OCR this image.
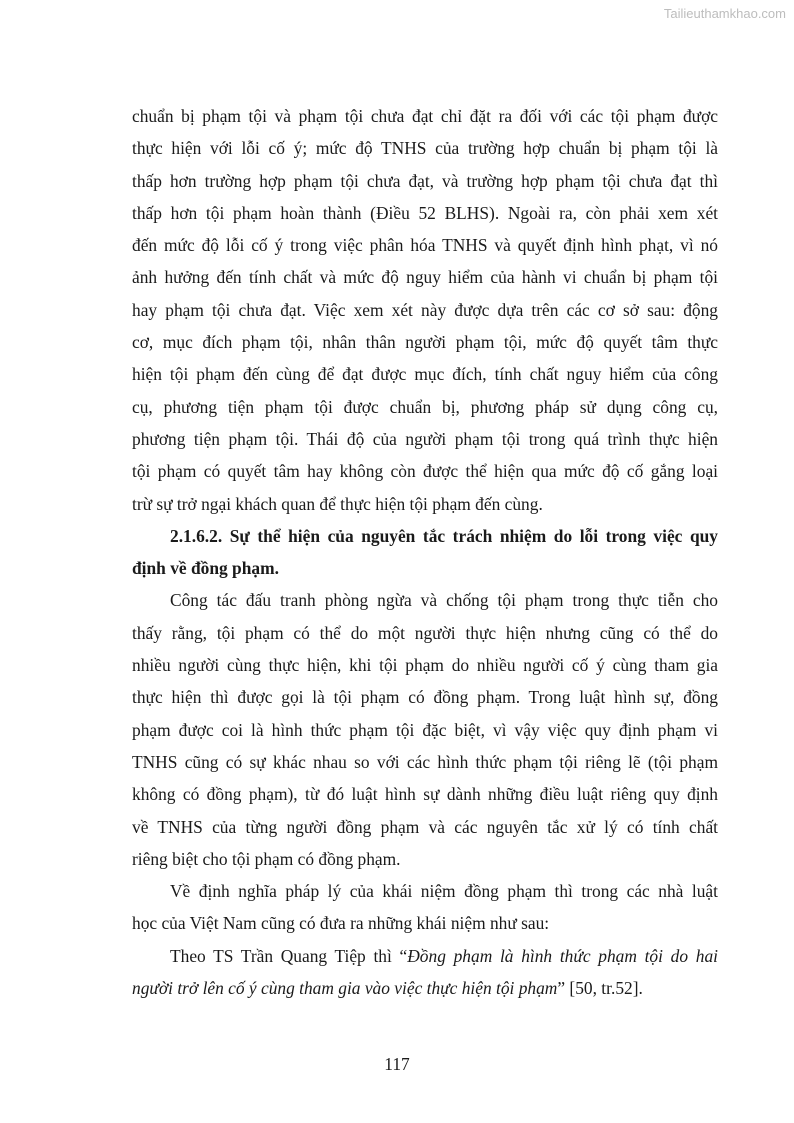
Tailieuthamkhao.com
chuẩn bị phạm tội và phạm tội chưa đạt chỉ đặt ra đối với các tội phạm được
thực hiện với lỗi cố ý; mức độ TNHS của trường hợp chuẩn bị phạm tội là
thấp hơn trường hợp phạm tội chưa đạt, và trường hợp phạm tội chưa đạt thì
thấp hơn tội phạm hoàn thành (Điều 52 BLHS). Ngoài ra, còn phải xem xét
đến mức độ lỗi cố ý trong việc phân hóa TNHS và quyết định hình phạt, vì nó
ảnh hưởng đến tính chất và mức độ nguy hiểm của hành vi chuẩn bị phạm tội
hay phạm tội chưa đạt. Việc xem xét này được dựa trên các cơ sở sau: động
cơ, mục đích phạm tội, nhân thân người phạm tội, mức độ quyết tâm thực
hiện tội phạm đến cùng để đạt được mục đích, tính chất nguy hiểm của công
cụ, phương tiện phạm tội được chuẩn bị, phương pháp sử dụng công cụ,
phương tiện phạm tội. Thái độ của người phạm tội trong quá trình thực hiện
tội phạm có quyết tâm hay không còn được thể hiện qua mức độ cố gắng loại
trừ sự trở ngại khách quan để thực hiện tội phạm đến cùng.
2.1.6.2. Sự thể hiện của nguyên tắc trách nhiệm do lỗi trong việc quy
định về đồng phạm.
Công tác đấu tranh phòng ngừa và chống tội phạm trong thực tiễn cho
thấy rằng, tội phạm có thể do một người thực hiện nhưng cũng có thể do
nhiều người cùng thực hiện, khi tội phạm do nhiều người cố ý cùng tham gia
thực hiện thì được gọi là tội phạm có đồng phạm. Trong luật hình sự, đồng
phạm được coi là hình thức phạm tội đặc biệt, vì vậy việc quy định phạm vi
TNHS cũng có sự khác nhau so với các hình thức phạm tội riêng lẽ (tội phạm
không có đồng phạm), từ đó luật hình sự dành những điều luật riêng quy định
về TNHS của từng người đồng phạm và các nguyên tắc xử lý có tính chất
riêng biệt cho tội phạm có đồng phạm.
Về định nghĩa pháp lý của khái niệm đồng phạm thì trong các nhà luật
học của Việt Nam cũng có đưa ra những khái niệm như sau:
Theo TS Trần Quang Tiệp thì “Đồng phạm là hình thức phạm tội do hai
người trở lên cố ý cùng tham gia vào việc thực hiện tội phạm” [50, tr.52].
117
